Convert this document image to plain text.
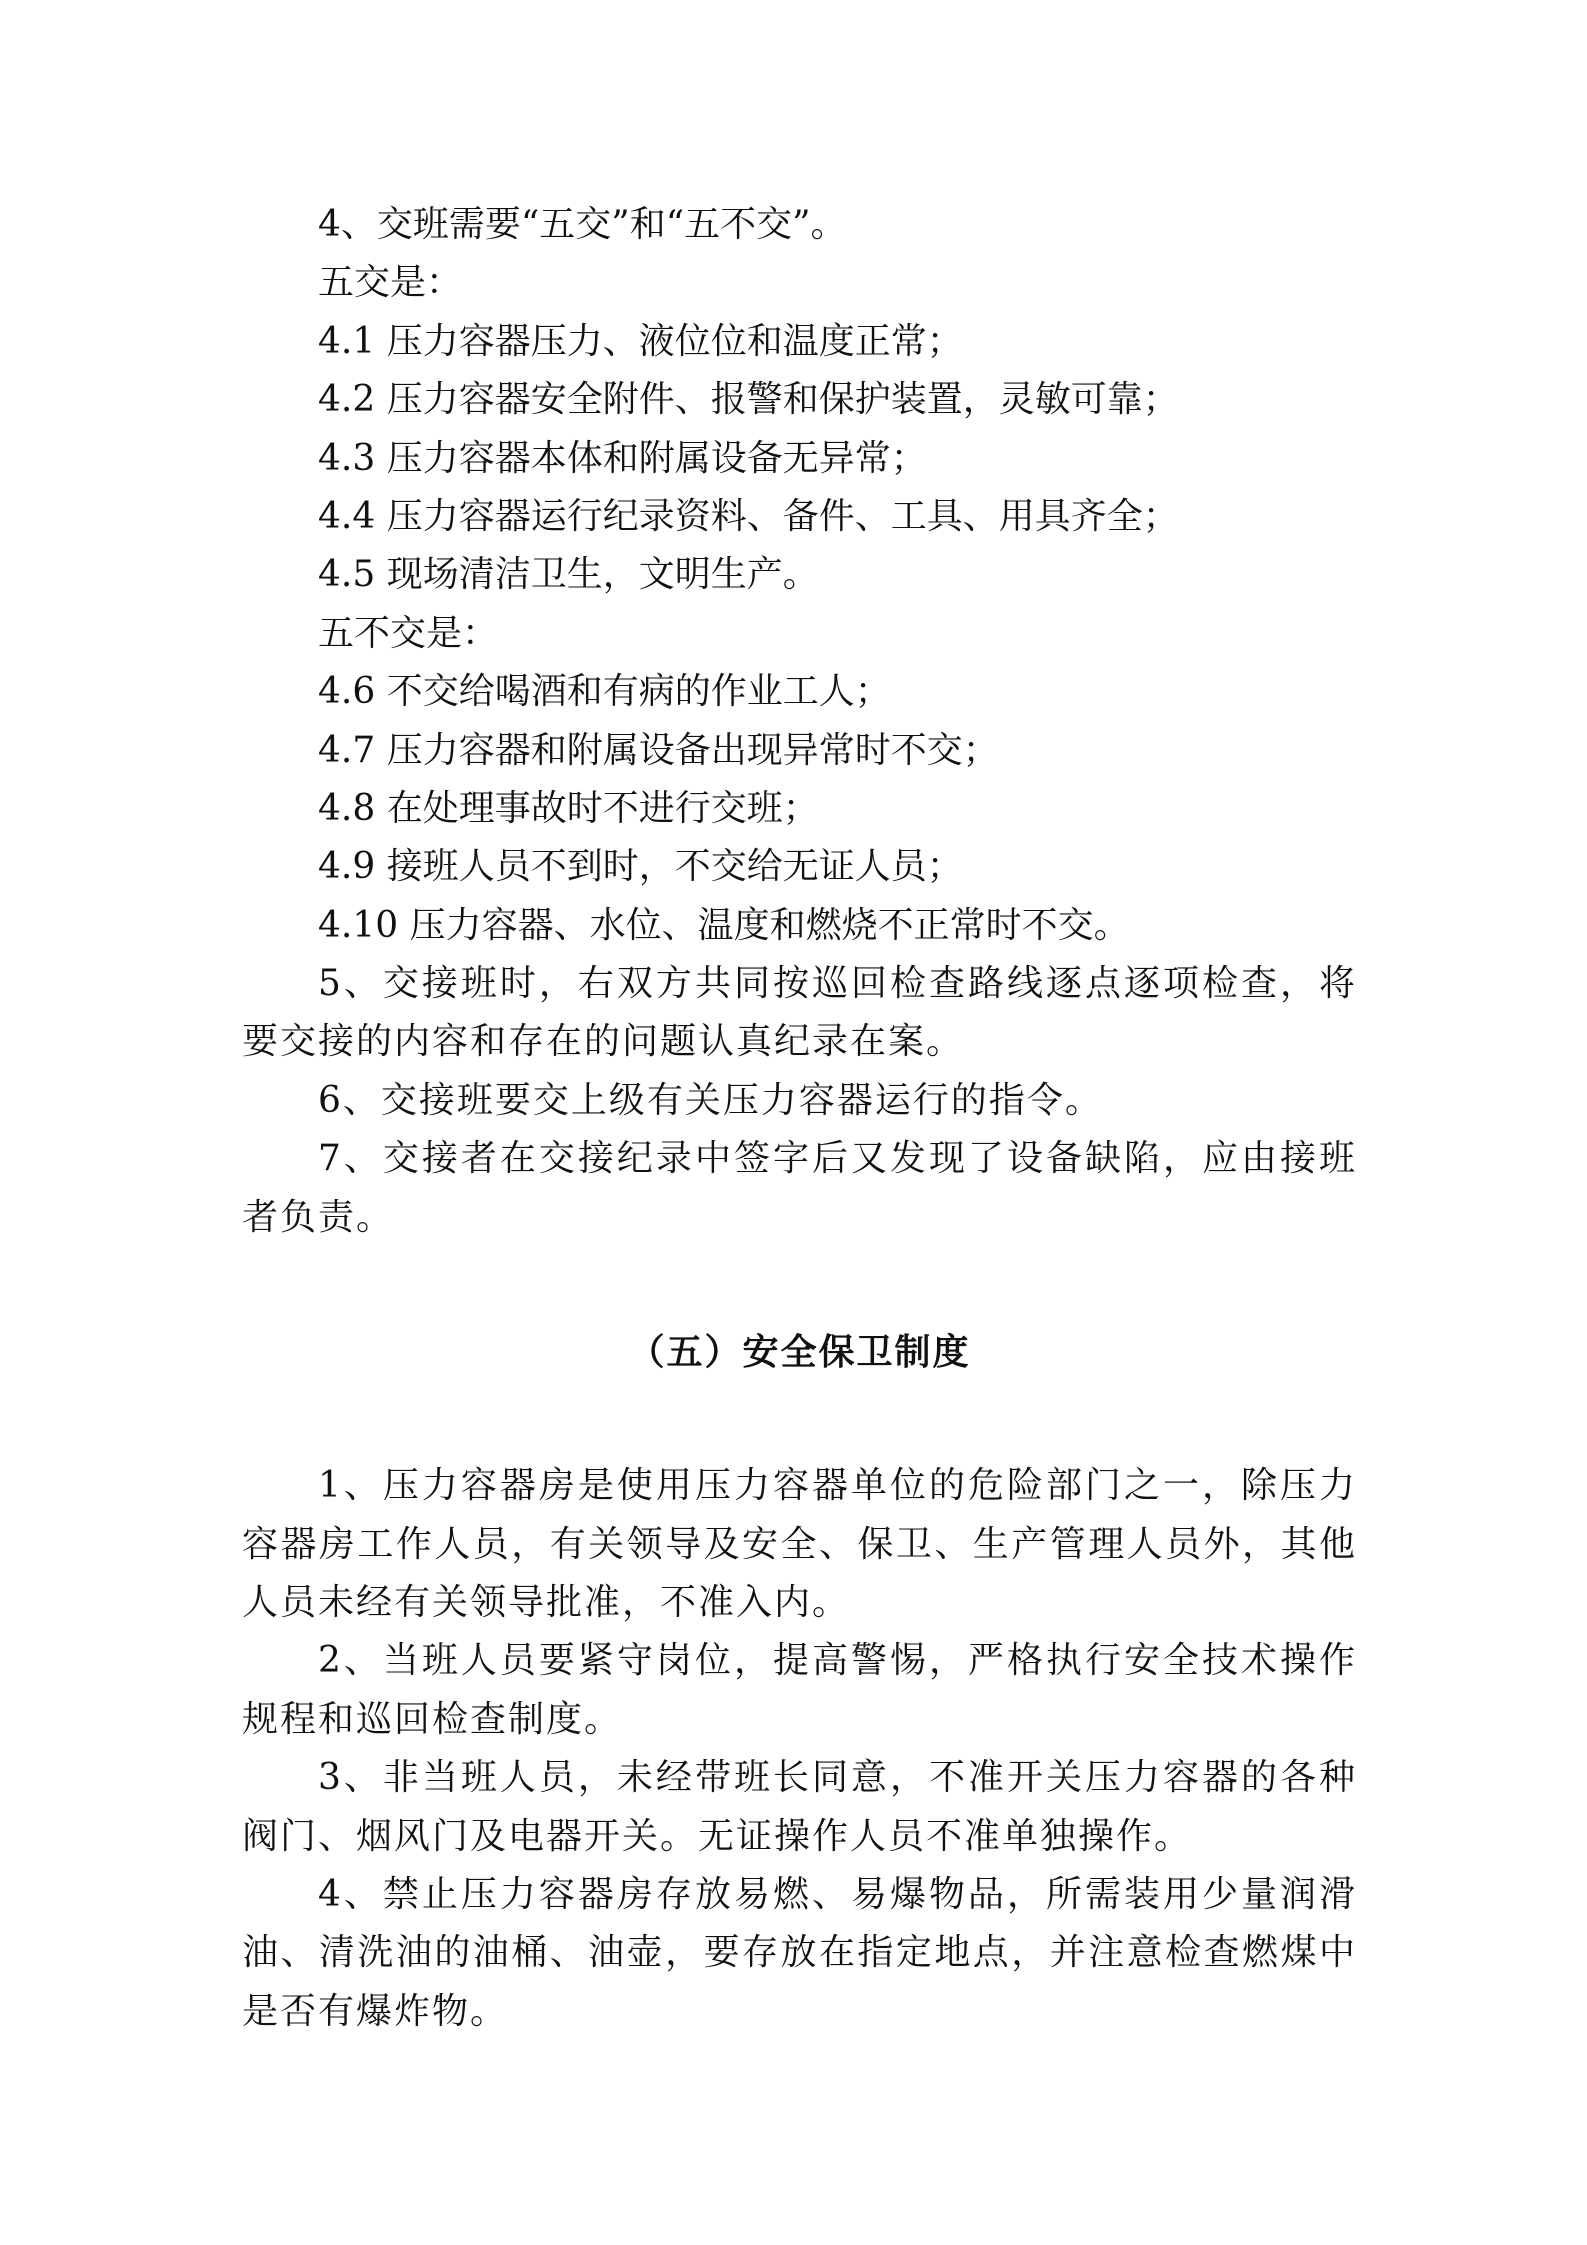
4、交班需要“五交”和“五不交”。

五交是：

4.1 压力容器压力、液位位和温度正常；

4.2 压力容器安全附件、报警和保护装置，灵敏可靠；

4.3 压力容器本体和附属设备无异常；

4.4 压力容器运行纪录资料、备件、工具、用具齐全；

4.5 现场清洁卫生，文明生产。

五不交是：

4.6 不交给喝酒和有病的作业工人；

4.7 压力容器和附属设备出现异常时不交；

4.8 在处理事故时不进行交班；

4.9 接班人员不到时，不交给无证人员；

4.10 压力容器、水位、温度和燃烧不正常时不交。

5、交接班时，右双方共同按巡回检查路线逐点逐项检查，将要交接的内容和存在的问题认真纪录在案。

6、交接班要交上级有关压力容器运行的指令。

7、交接者在交接纪录中签字后又发现了设备缺陷，应由接班者负责。

（五）安全保卫制度

1、压力容器房是使用压力容器单位的危险部门之一，除压力容器房工作人员，有关领导及安全、保卫、生产管理人员外，其他人员未经有关领导批准，不准入内。

2、当班人员要紧守岗位，提高警惕，严格执行安全技术操作规程和巡回检查制度。

3、非当班人员，未经带班长同意，不准开关压力容器的各种阀门、烟风门及电器开关。无证操作人员不准单独操作。

4、禁止压力容器房存放易燃、易爆物品，所需装用少量润滑油、清洗油的油桶、油壶，要存放在指定地点，并注意检查燃煤中是否有爆炸物。
